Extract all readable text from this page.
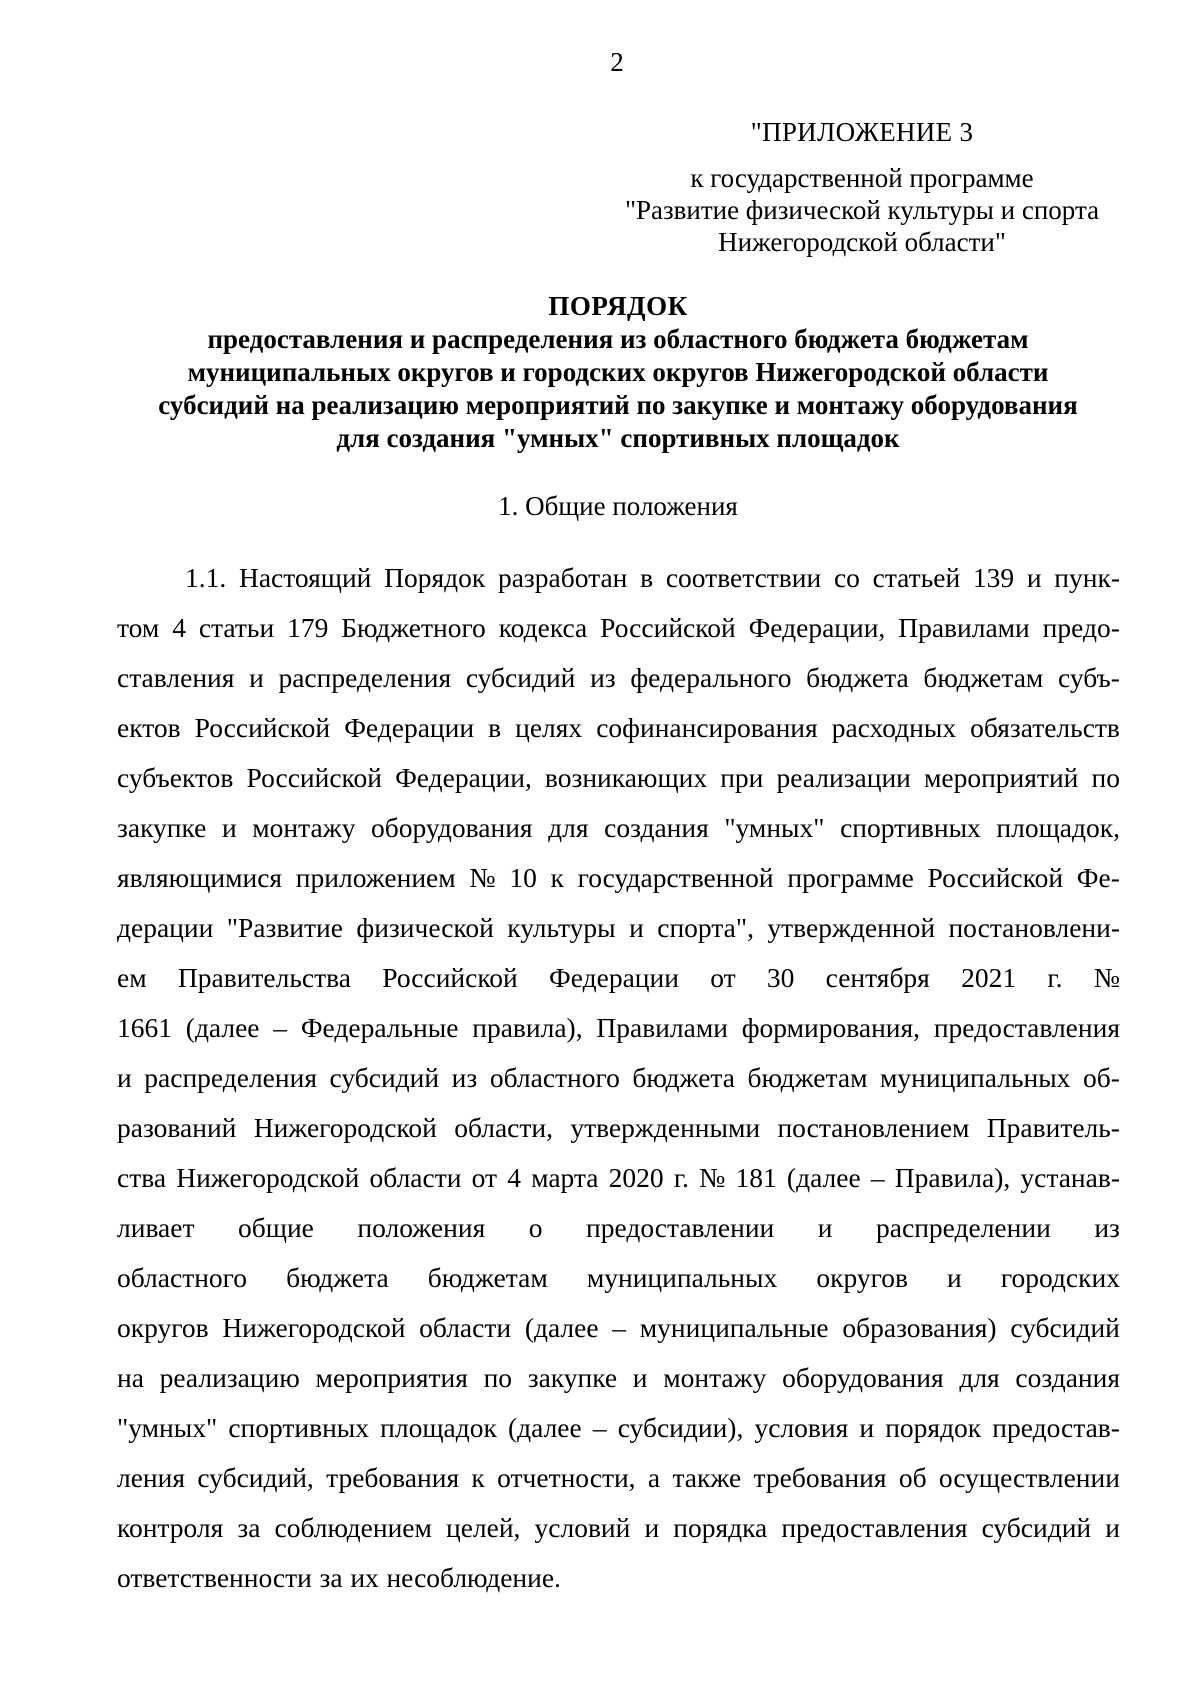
2
"ПРИЛОЖЕНИЕ 3
к государственной программе
"Развитие физической культуры и спорта
Нижегородской области"
ПОРЯДОК
предоставления и распределения из областного бюджета бюджетам
муниципальных округов и городских округов Нижегородской области
субсидий на реализацию мероприятий по закупке и монтажу оборудования
для создания "умных" спортивных площадок
1. Общие положения
1.1. Настоящий Порядок разработан в соответствии со статьей 139 и пунк-
том 4 статьи 179 Бюджетного кодекса Российской Федерации, Правилами предо-
ставления и распределения субсидий из федерального бюджета бюджетам субъ-
ектов Российской Федерации в целях софинансирования расходных обязательств
субъектов Российской Федерации, возникающих при реализации мероприятий по
закупке и монтажу оборудования для создания "умных" спортивных площадок,
являющимися приложением № 10 к государственной программе Российской Фе-
дерации "Развитие физической культуры и спорта", утвержденной постановлени-
ем Правительства Российской Федерации от 30 сентября 2021 г. №
1661 (далее – Федеральные правила), Правилами формирования, предоставления
и распределения субсидий из областного бюджета бюджетам муниципальных об-
разований Нижегородской области, утвержденными постановлением Правитель-
ства Нижегородской области от 4 марта 2020 г. № 181 (далее – Правила), устанав-
ливает общие положения о предоставлении и распределении из
областного бюджета бюджетам муниципальных округов и городских
округов Нижегородской области (далее – муниципальные образования) субсидий
на реализацию мероприятия по закупке и монтажу оборудования для создания
"умных" спортивных площадок (далее – субсидии), условия и порядок предостав-
ления субсидий, требования к отчетности, а также требования об осуществлении
контроля за соблюдением целей, условий и порядка предоставления субсидий и
ответственности за их несоблюдение.
